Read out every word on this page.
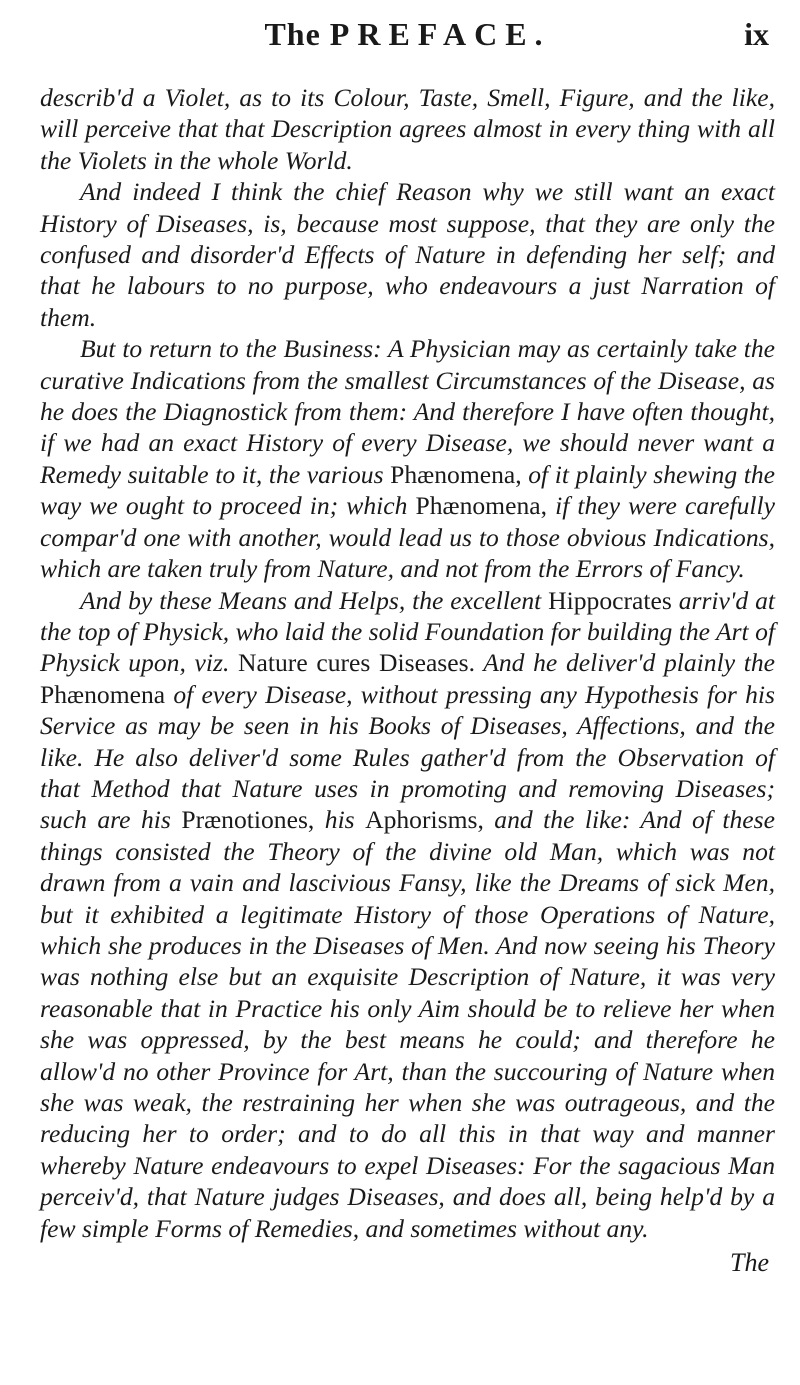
The PREFACE.	ix

describ'd a Violet, as to its Colour, Taste, Smell, Figure, and the like, will perceive that that Description agrees almost in every thing with all the Violets in the whole World.

And indeed I think the chief Reason why we still want an exact History of Diseases, is, because most suppose, that they are only the confused and disorder'd Effects of Nature in defending her self; and that he labours to no purpose, who endeavours a just Narration of them.

But to return to the Business: A Physician may as certainly take the curative Indications from the smallest Circumstances of the Disease, as he does the Diagnostick from them: And therefore I have often thought, if we had an exact History of every Disease, we should never want a Remedy suitable to it, the various Phænomena, of it plainly shewing the way we ought to proceed in; which Phænomena, if they were carefully compar'd one with another, would lead us to those obvious Indications, which are taken truly from Nature, and not from the Errors of Fancy.

And by these Means and Helps, the excellent Hippocrates arriv'd at the top of Physick, who laid the solid Foundation for building the Art of Physick upon, viz. Nature cures Diseases. And he deliver'd plainly the Phænomena of every Disease, without pressing any Hypothesis for his Service as may be seen in his Books of Diseases, Affections, and the like. He also deliver'd some Rules gather'd from the Observation of that Method that Nature uses in promoting and removing Diseases; such are his Prænotiones, his Aphorisms, and the like: And of these things consisted the Theory of the divine old Man, which was not drawn from a vain and lascivious Fansy, like the Dreams of sick Men, but it exhibited a legitimate History of those Operations of Nature, which she produces in the Diseases of Men. And now seeing his Theory was nothing else but an exquisite Description of Nature, it was very reasonable that in Practice his only Aim should be to relieve her when she was oppressed, by the best means he could; and therefore he allow'd no other Province for Art, than the succouring of Nature when she was weak, the restraining her when she was outrageous, and the reducing her to order; and to do all this in that way and manner whereby Nature endeavours to expel Diseases: For the sagacious Man perceiv'd, that Nature judges Diseases, and does all, being help'd by a few simple Forms of Remedies, and sometimes without any.

The
